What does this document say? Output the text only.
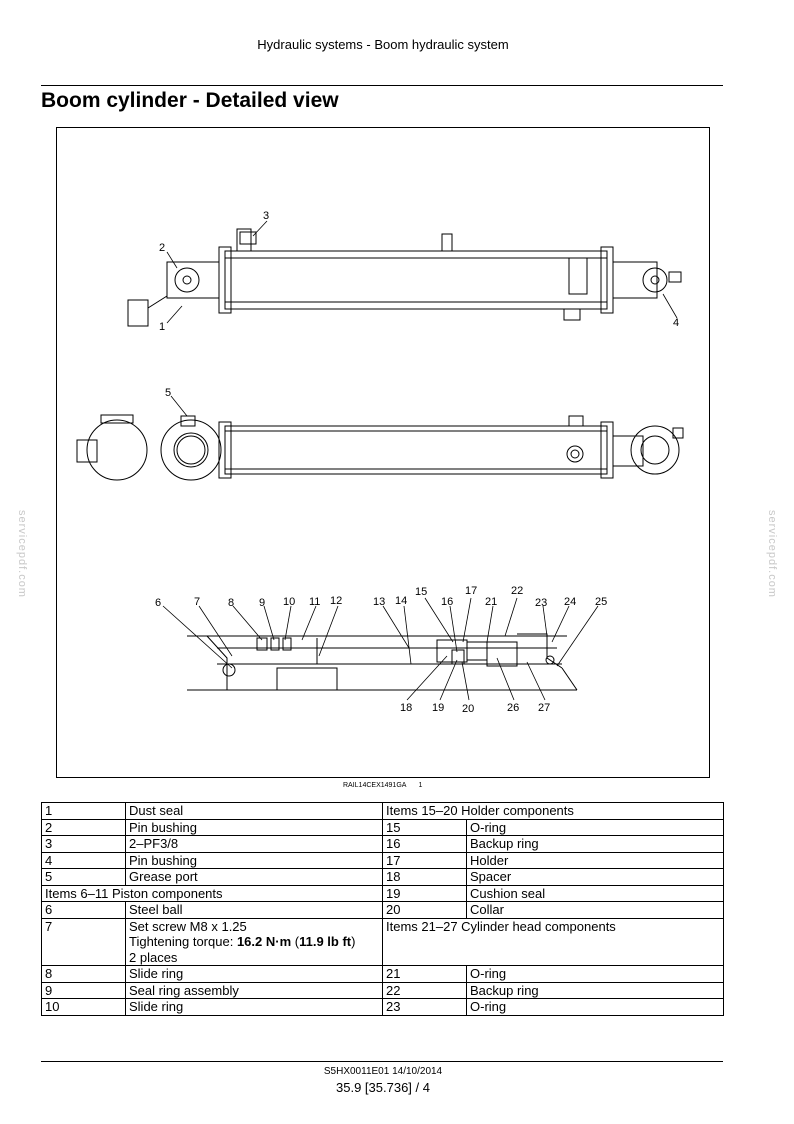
Hydraulic systems - Boom hydraulic system
Boom cylinder - Detailed view
servicepdf.com	servicepdf.com
1
2
3
4
5
6	7	8 9 10 11 12	13 14
15
16
17
18 19 20
21
22
23 24 25
26 27
RAIL14CEX1491GA 1
1	Dust seal	Items 15–20 Holder components	
2	Pin bushing	15	O-ring
3	2–PF3/8	16	Backup ring
4	Pin bushing	17	Holder
5	Grease port	18	Spacer
Items 6–11 Piston components		19	Cushion seal
6	Steel ball	20	Collar
7	Set screw M8 x 1.25
Tightening torque: 16.2 N·m (11.9 lb ft)
2 places	Items 21–27 Cylinder head components	
8	Slide ring	21	O-ring
9	Seal ring assembly	22	Backup ring
10	Slide ring	23	O-ring
S5HX0011E01 14/10/2014
35.9 [35.736] / 4
